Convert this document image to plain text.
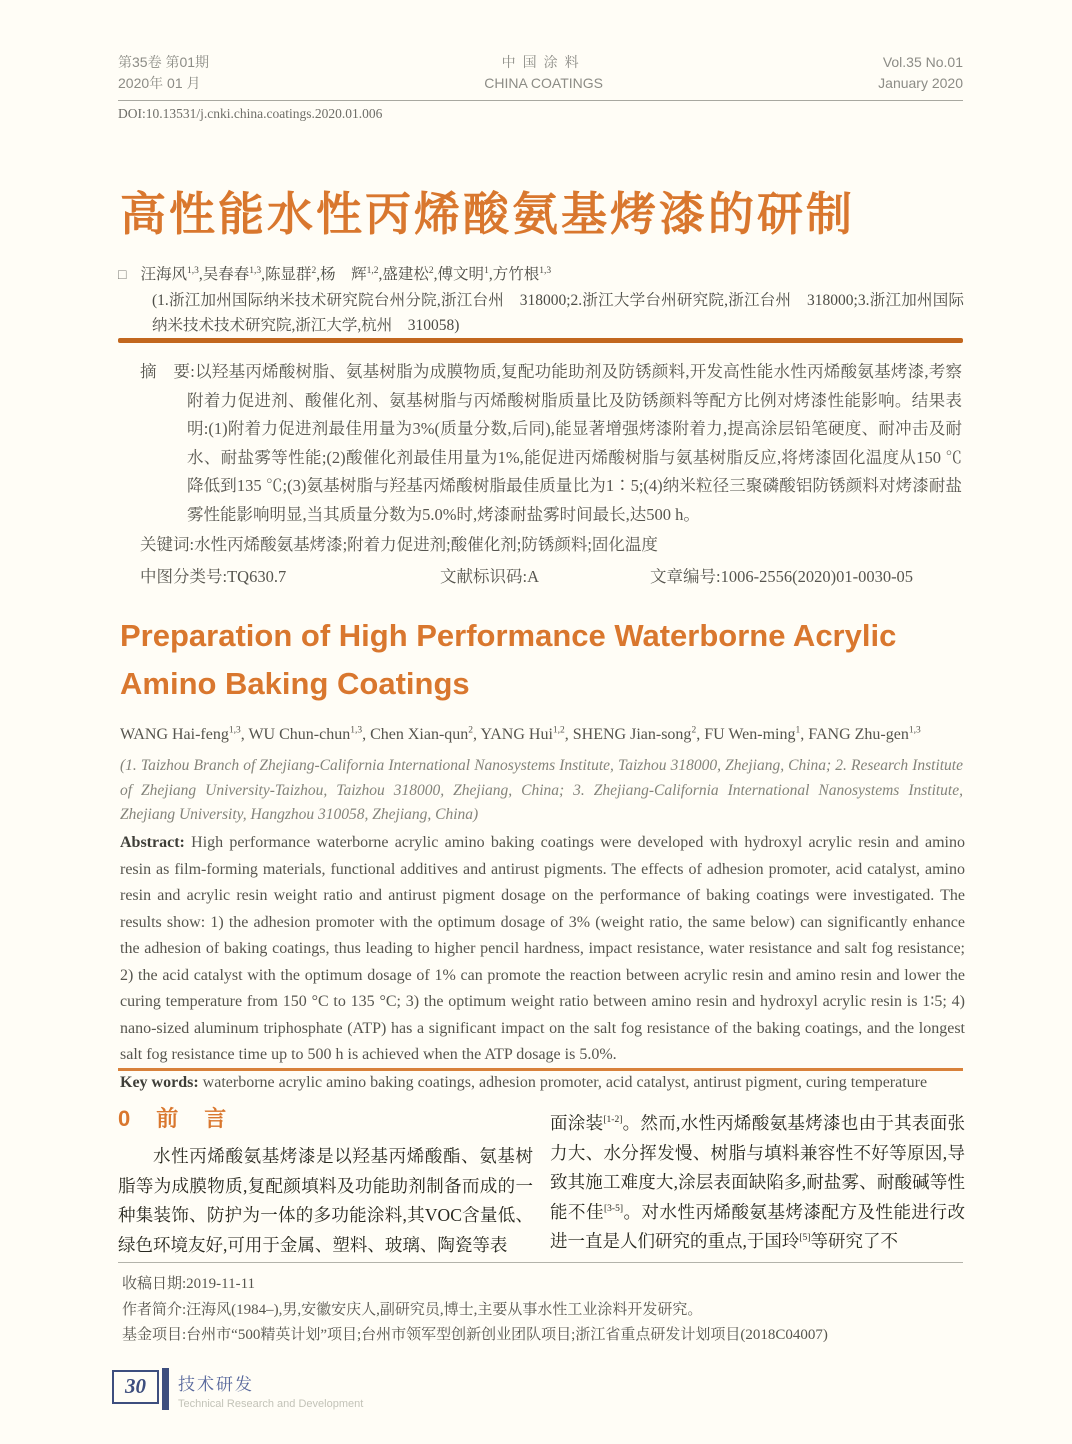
第35卷 第01期
2020年 01 月
中国涂料
CHINA COATINGS
Vol.35 No.01
January 2020
DOI:10.13531/j.cnki.china.coatings.2020.01.006
高性能水性丙烯酸氨基烤漆的研制
□ 汪海风$^{1,3}$,吴春春$^{1,3}$,陈显群$^2$,杨　辉$^{1,2}$,盛建松$^2$,傅文明$^1$,方竹根$^{1,3}$
(1.浙江加州国际纳米技术研究院台州分院,浙江台州　318000;2.浙江大学台州研究院,浙江台州　318000;3.浙江加州国际纳米技术技术研究院,浙江大学,杭州　310058)

摘　要:以羟基丙烯酸树脂、氨基树脂为成膜物质,复配功能助剂及防锈颜料,开发高性能水性丙烯酸氨基烤漆,考察附着力促进剂、酸催化剂、氨基树脂与丙烯酸树脂质量比及防锈颜料等配方比例对烤漆性能影响。结果表明:(1)附着力促进剂最佳用量为3%(质量分数,后同),能显著增强烤漆附着力,提高涂层铅笔硬度、耐冲击及耐水、耐盐雾等性能;(2)酸催化剂最佳用量为1%,能促进丙烯酸树脂与氨基树脂反应,将烤漆固化温度从150 ℃降低到135 ℃;(3)氨基树脂与羟基丙烯酸树脂最佳质量比为1∶5;(4)纳米粒径三聚磷酸铝防锈颜料对烤漆耐盐雾性能影响明显,当其质量分数为5.0%时,烤漆耐盐雾时间最长,达500 h。

关键词:水性丙烯酸氨基烤漆;附着力促进剂;酸催化剂;防锈颜料;固化温度

中图分类号:TQ630.7	文献标识码:A	文章编号:1006-2556(2020)01-0030-05
Preparation of High Performance Waterborne Acrylic Amino Baking Coatings
WANG Hai-feng$^{1,3}$, WU Chun-chun$^{1,3}$, Chen Xian-qun$^2$, YANG Hui$^{1,2}$, SHENG Jian-song$^2$, FU Wen-ming$^1$, FANG Zhu-gen$^{1,3}$
(1. Taizhou Branch of Zhejiang-California International Nanosystems Institute, Taizhou 318000, Zhejiang, China; 2. Research Institute of Zhejiang University-Taizhou, Taizhou 318000, Zhejiang, China; 3. Zhejiang-California International Nanosystems Institute, Zhejiang University, Hangzhou 310058, Zhejiang, China)

Abstract: High performance waterborne acrylic amino baking coatings were developed with hydroxyl acrylic resin and amino resin as film-forming materials, functional additives and antirust pigments. The effects of adhesion promoter, acid catalyst, amino resin and acrylic resin weight ratio and antirust pigment dosage on the performance of baking coatings were investigated. The results show: 1) the adhesion promoter with the optimum dosage of 3% (weight ratio, the same below) can significantly enhance the adhesion of baking coatings, thus leading to higher pencil hardness, impact resistance, water resistance and salt fog resistance; 2) the acid catalyst with the optimum dosage of 1% can promote the reaction between acrylic resin and amino resin and lower the curing temperature from 150 °C to 135 °C; 3) the optimum weight ratio between amino resin and hydroxyl acrylic resin is 1∶5; 4) nano-sized aluminum triphosphate (ATP) has a significant impact on the salt fog resistance of the baking coatings, and the longest salt fog resistance time up to 500 h is achieved when the ATP dosage is 5.0%.

Key words: waterborne acrylic amino baking coatings, adhesion promoter, acid catalyst, antirust pigment, curing temperature

0　前　言

水性丙烯酸氨基烤漆是以羟基丙烯酸酯、氨基树脂等为成膜物质,复配颜填料及功能助剂制备而成的一种集装饰、防护为一体的多功能涂料,其VOC含量低、绿色环境友好,可用于金属、塑料、玻璃、陶瓷等表

面涂装[1-2]。然而,水性丙烯酸氨基烤漆也由于其表面张力大、水分挥发慢、树脂与填料兼容性不好等原因,导致其施工难度大,涂层表面缺陷多,耐盐雾、耐酸碱等性能不佳[3-5]。对水性丙烯酸氨基烤漆配方及性能进行改进一直是人们研究的重点,于国玲[5]等研究了不

收稿日期:2019-11-11
作者简介:汪海风(1984–),男,安徽安庆人,副研究员,博士,主要从事水性工业涂料开发研究。
基金项目:台州市“500精英计划”项目;台州市领军型创新创业团队项目;浙江省重点研发计划项目(2018C04007)
30	技术研发
Technical Research and Development
